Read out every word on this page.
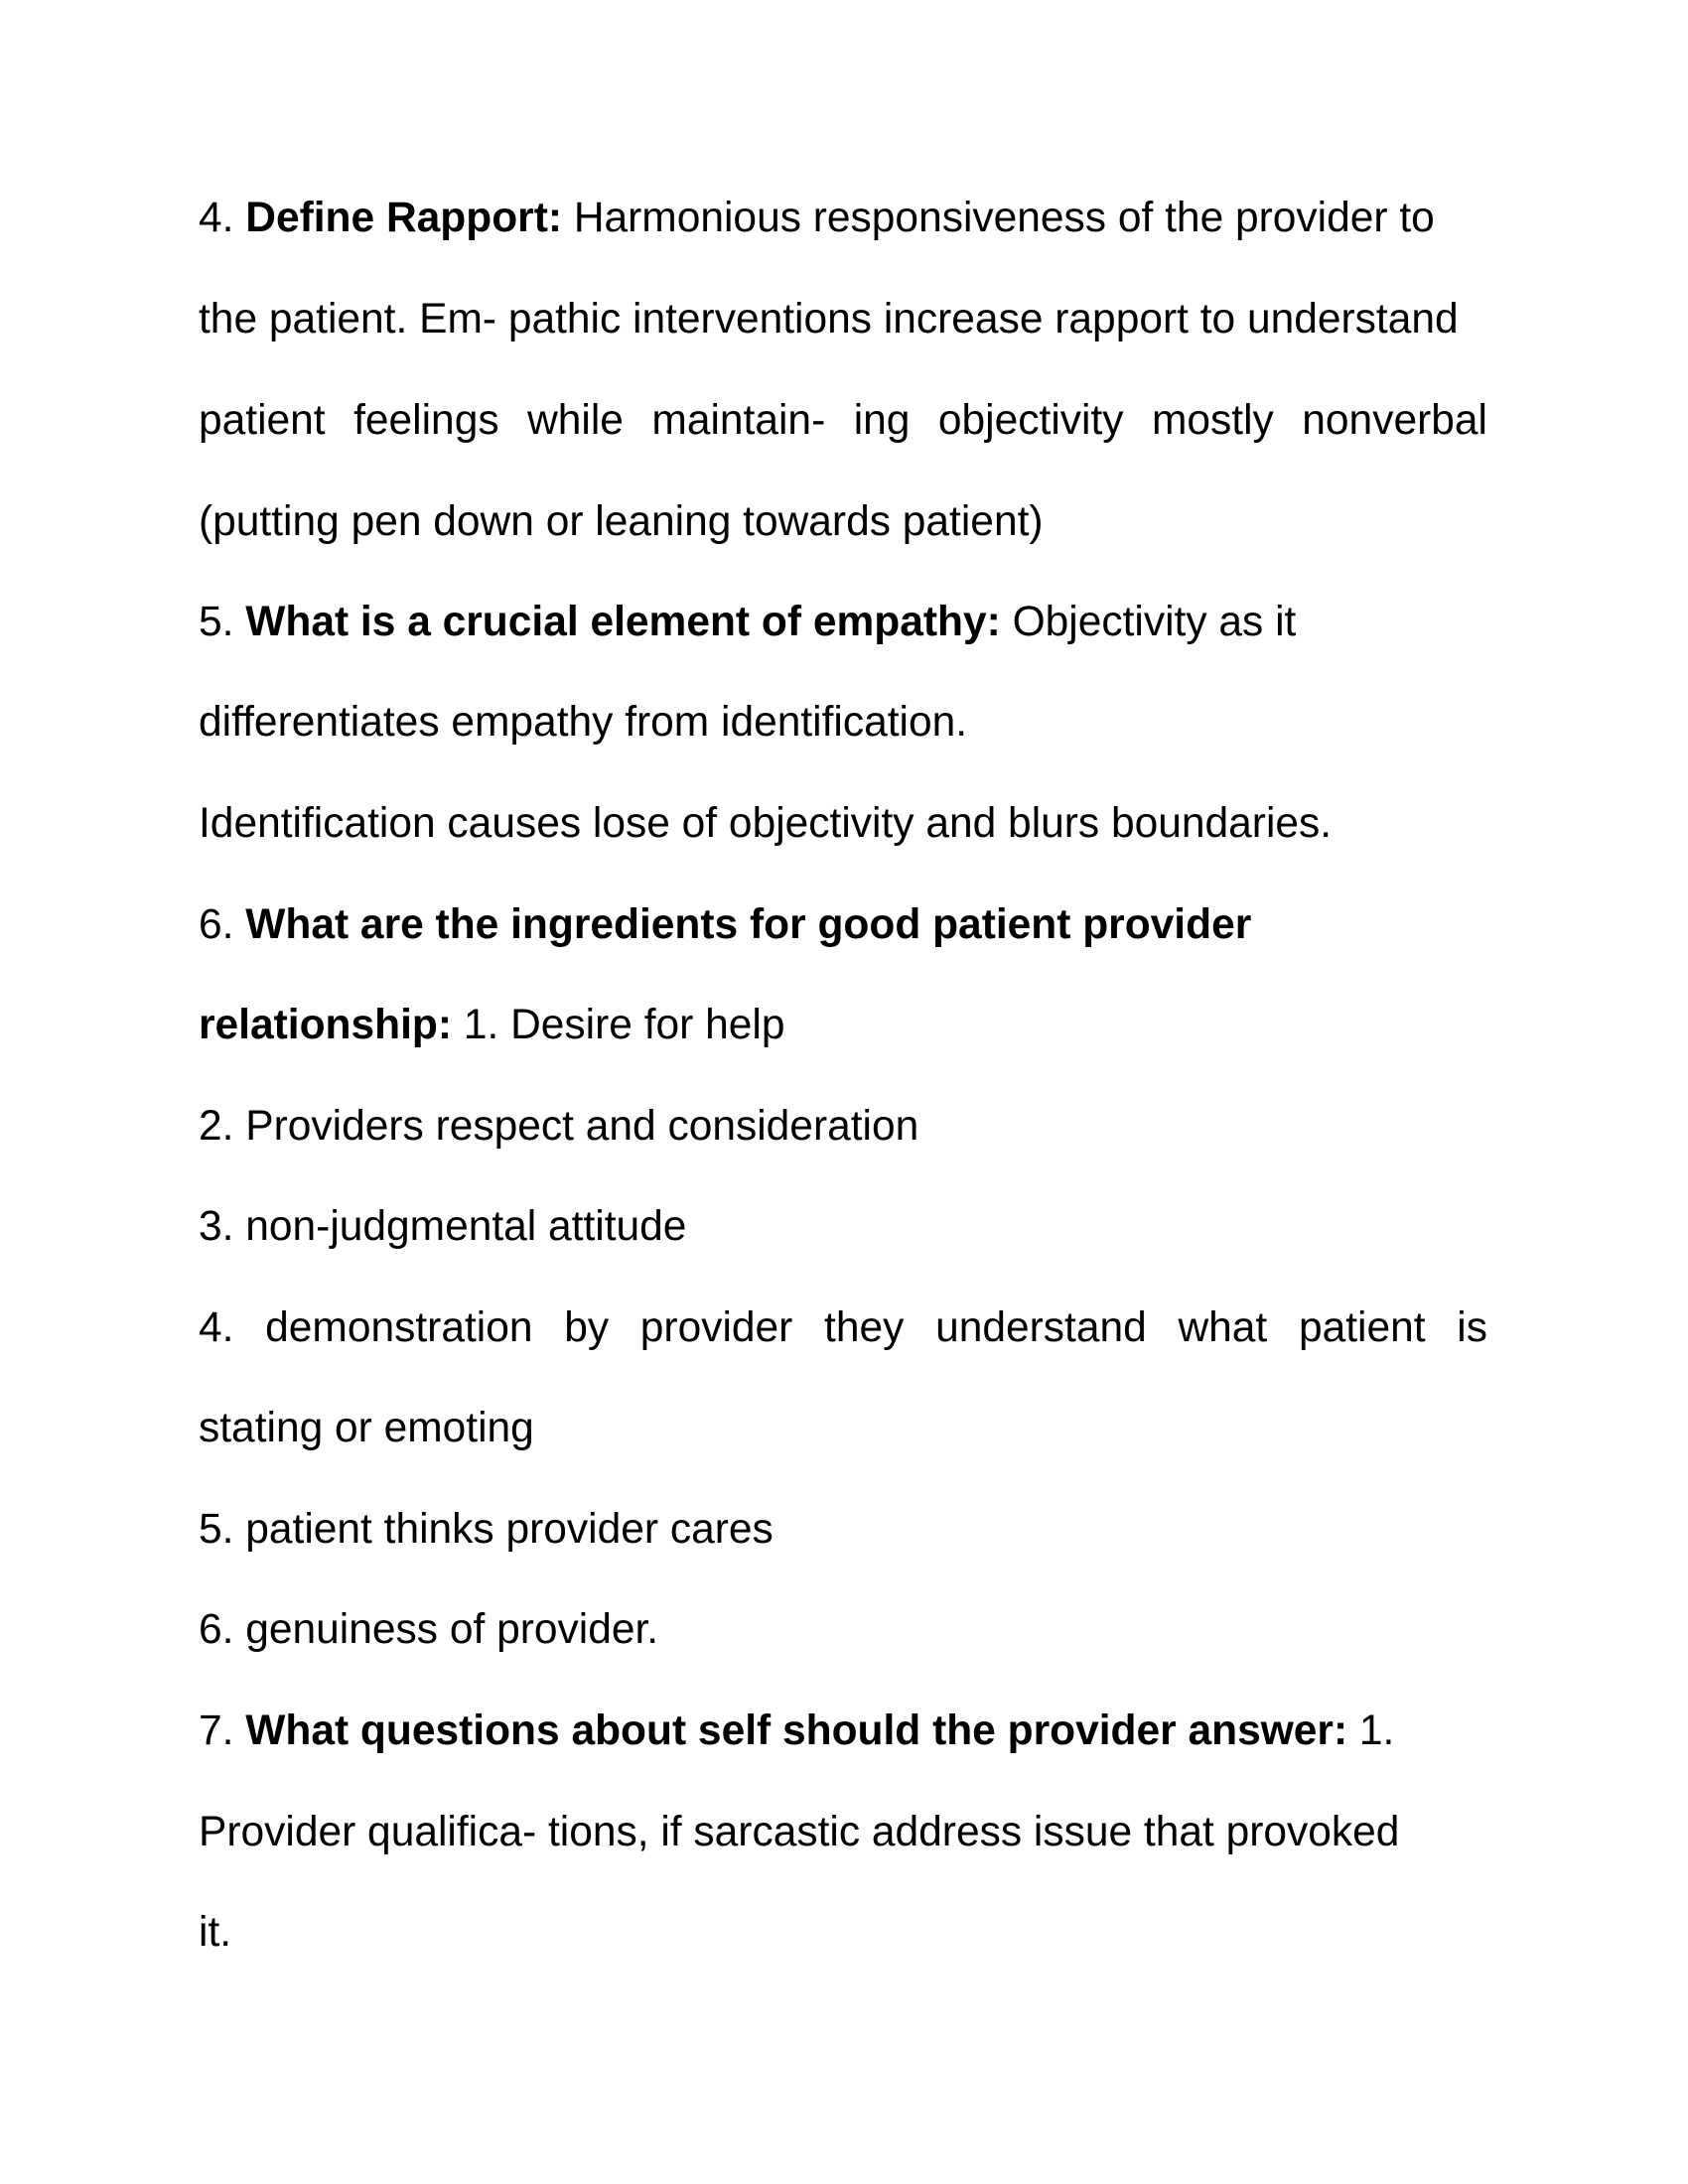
4. Define Rapport: Harmonious responsiveness of the provider to
the patient. Em- pathic interventions increase rapport to understand
patient feelings while maintain- ing objectivity mostly nonverbal
(putting pen down or leaning towards patient)
5. What is a crucial element of empathy: Objectivity as it
differentiates empathy from identification.
Identification causes lose of objectivity and blurs boundaries.
6. What are the ingredients for good patient provider
relationship: 1. Desire for help
2. Providers respect and consideration
3. non-judgmental attitude
4. demonstration by provider they understand what patient is
stating or emoting
5. patient thinks provider cares
6. genuiness of provider.
7. What questions about self should the provider answer: 1.
Provider qualifica- tions, if sarcastic address issue that provoked
it.
